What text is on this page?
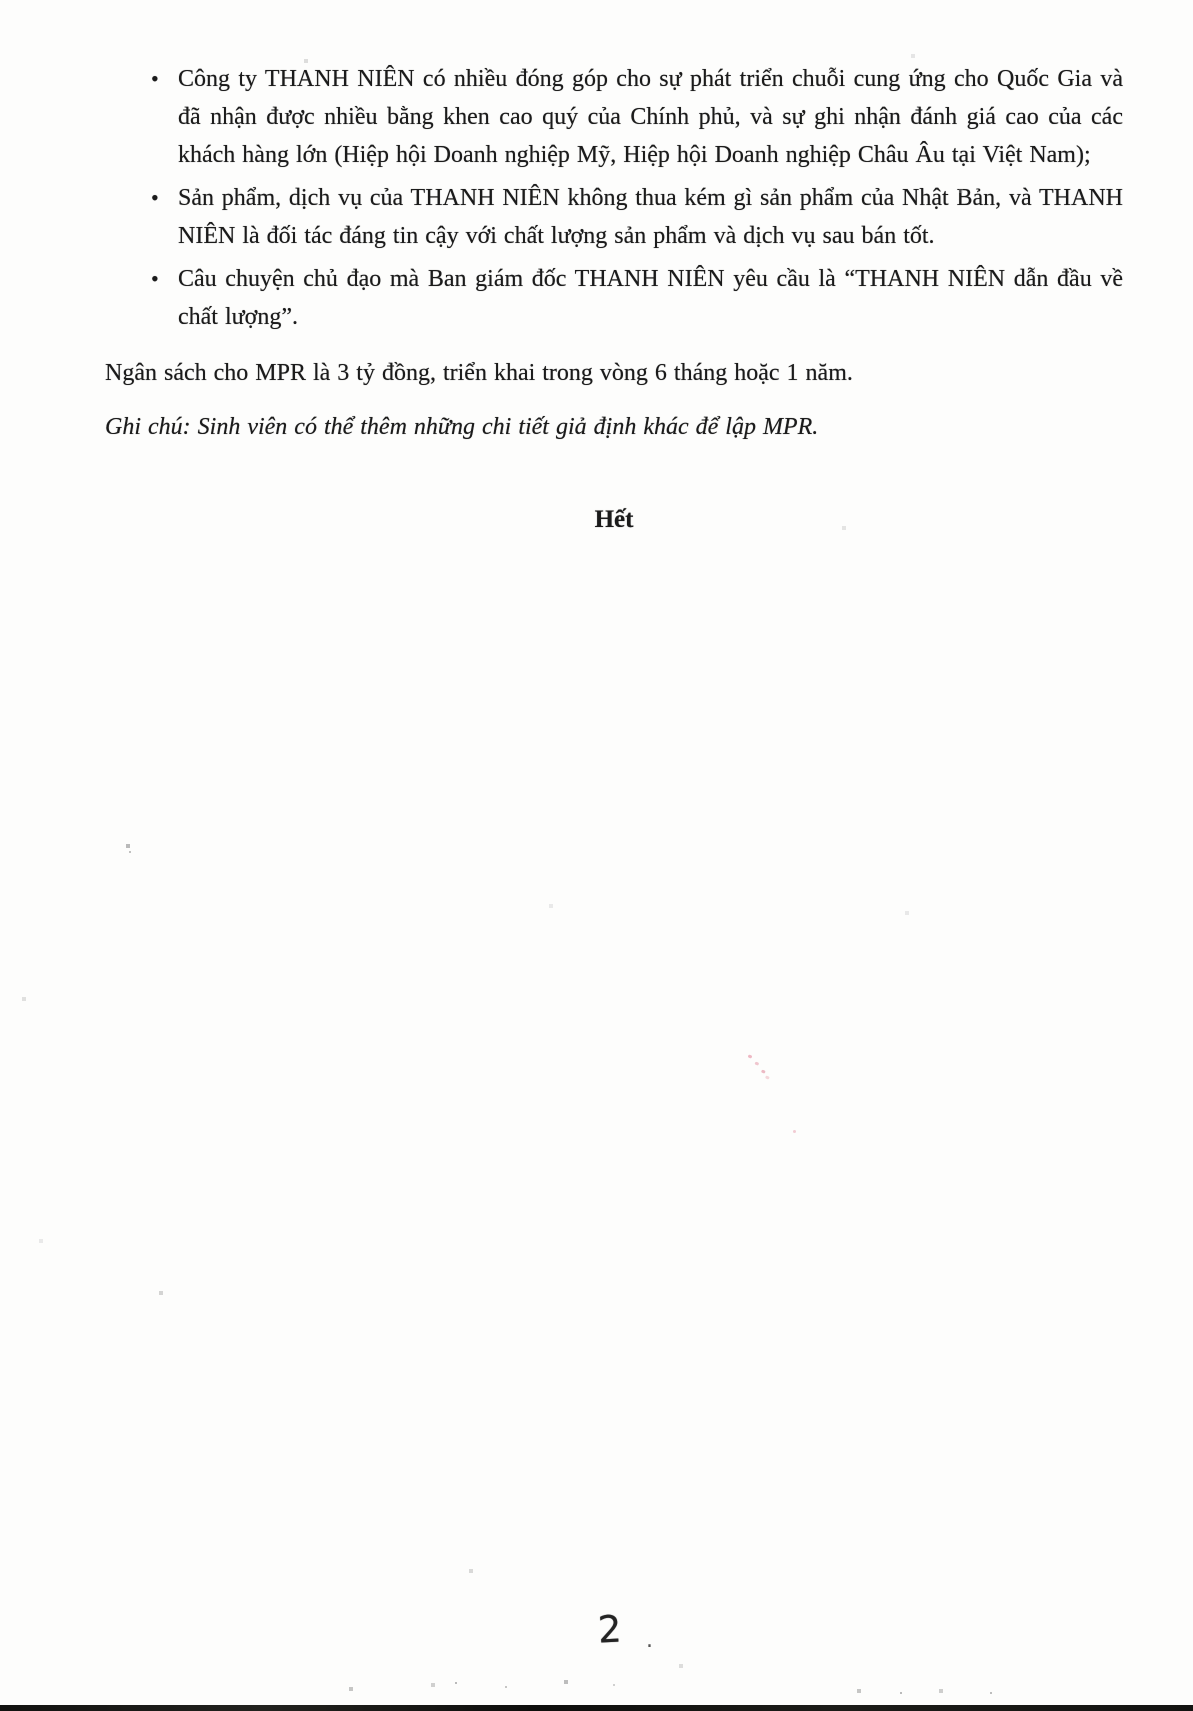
• Công ty THANH NIÊN có nhiều đóng góp cho sự phát triển chuỗi cung ứng cho Quốc Gia và đã nhận được nhiều bằng khen cao quý của Chính phủ, và sự ghi nhận đánh giá cao của các khách hàng lớn (Hiệp hội Doanh nghiệp Mỹ, Hiệp hội Doanh nghiệp Châu Âu tại Việt Nam);
• Sản phẩm, dịch vụ của THANH NIÊN không thua kém gì sản phẩm của Nhật Bản, và THANH NIÊN là đối tác đáng tin cậy với chất lượng sản phẩm và dịch vụ sau bán tốt.
• Câu chuyện chủ đạo mà Ban giám đốc THANH NIÊN yêu cầu là “THANH NIÊN dẫn đầu về chất lượng”.

Ngân sách cho MPR là 3 tỷ đồng, triển khai trong vòng 6 tháng hoặc 1 năm.

Ghi chú: Sinh viên có thể thêm những chi tiết giả định khác để lập MPR.

Hết

2 .
